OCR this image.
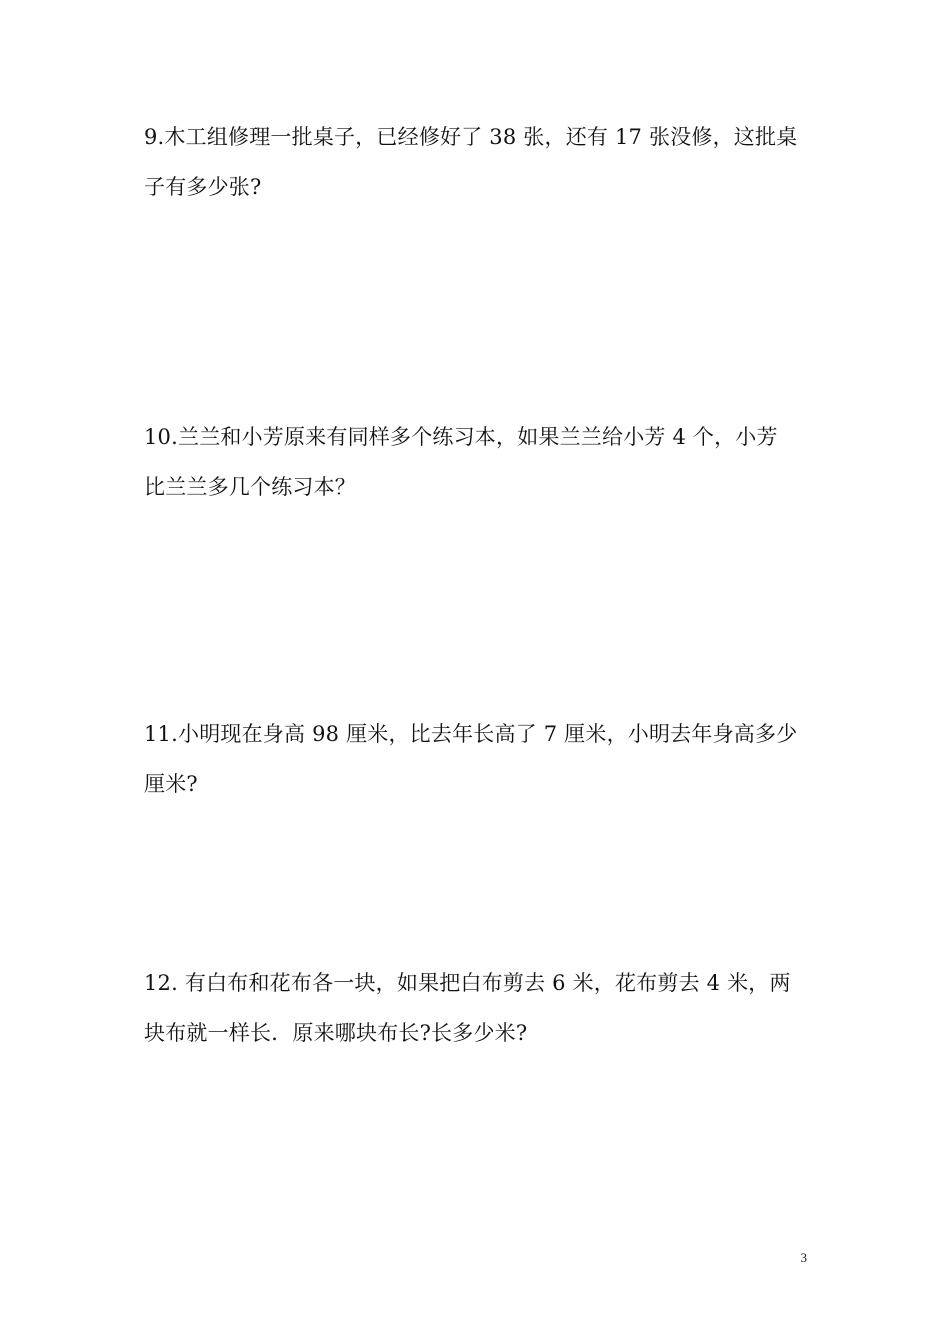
9.木工组修理一批桌子，已经修好了 38 张，还有 17 张没修，这批桌
子有多少张?
10.兰兰和小芳原来有同样多个练习本，如果兰兰给小芳 4 个，小芳
比兰兰多几个练习本？
11.小明现在身高 98 厘米，比去年长高了 7 厘米，小明去年身高多少
厘米?
12. 有白布和花布各一块，如果把白布剪去 6 米，花布剪去 4 米，两
块布就一样长．原来哪块布长?长多少米?
3
